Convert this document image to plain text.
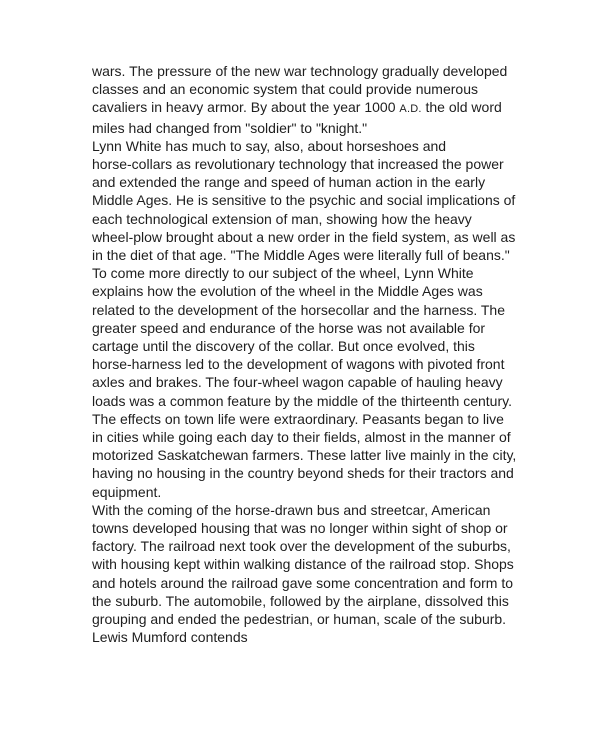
wars. The pressure of the new war technology gradually developed
classes and an economic system that could provide numerous
cavaliers in heavy armor. By about the year 1000 A.D. the old word
miles had changed from "soldier" to "knight."
Lynn White has much to say, also, about horseshoes and
horse-collars as revolutionary technology that increased the power
and extended the range and speed of human action in the early
Middle Ages. He is sensitive to the psychic and social implications of
each technological extension of man, showing how the heavy
wheel-plow brought about a new order in the field system, as well as
in the diet of that age. "The Middle Ages were literally full of beans."
To come more directly to our subject of the wheel, Lynn White
explains how the evolution of the wheel in the Middle Ages was
related to the development of the horsecollar and the harness. The
greater speed and endurance of the horse was not available for
cartage until the discovery of the collar. But once evolved, this
horse-harness led to the development of wagons with pivoted front
axles and brakes. The four-wheel wagon capable of hauling heavy
loads was a common feature by the middle of the thirteenth century.
The effects on town life were extraordinary. Peasants began to live
in cities while going each day to their fields, almost in the manner of
motorized Saskatchewan farmers. These latter live mainly in the city,
having no housing in the country beyond sheds for their tractors and
equipment.
With the coming of the horse-drawn bus and streetcar, American
towns developed housing that was no longer within sight of shop or
factory. The railroad next took over the development of the suburbs,
with housing kept within walking distance of the railroad stop. Shops
and hotels around the railroad gave some concentration and form to
the suburb. The automobile, followed by the airplane, dissolved this
grouping and ended the pedestrian, or human, scale of the suburb.
Lewis Mumford contends
